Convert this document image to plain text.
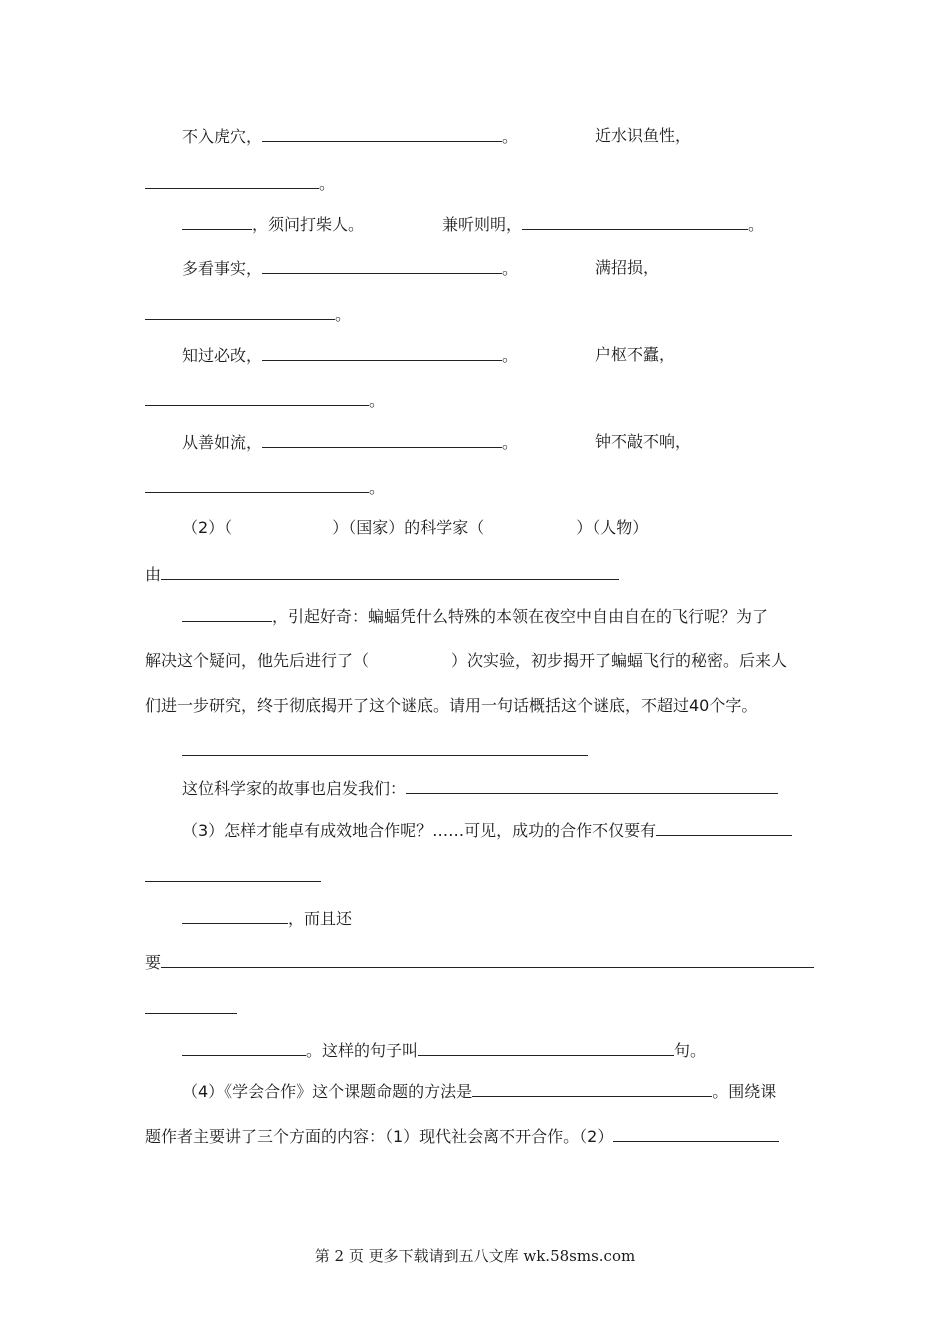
不入虎穴，	。	近水识鱼性，
。
，须问打柴人。	兼听则明，	。
多看事实，	。	满招损，
。
知过必改，	。	户枢不蠹，
。
从善如流，	。	钟不敲不响，
。
（2）（	）（国家）的科学家（	）（人物）
由
，引起好奇：蝙蝠凭什么特殊的本领在夜空中自由自在的飞行呢？为了
解决这个疑问，他先后进行了（	）次实验，初步揭开了蝙蝠飞行的秘密。后来人
们进一步研究，终于彻底揭开了这个谜底。请用一句话概括这个谜底，不超过40个字。
这位科学家的故事也启发我们：
（3）怎样才能卓有成效地合作呢？……可见，成功的合作不仅要有
，而且还
要
。这样的句子叫	句。
（4）《学会合作》这个课题命题的方法是	。围绕课
题作者主要讲了三个方面的内容：（1）现代社会离不开合作。（2）
第 2 页 更多下载请到五八文库 wk.58sms.com
